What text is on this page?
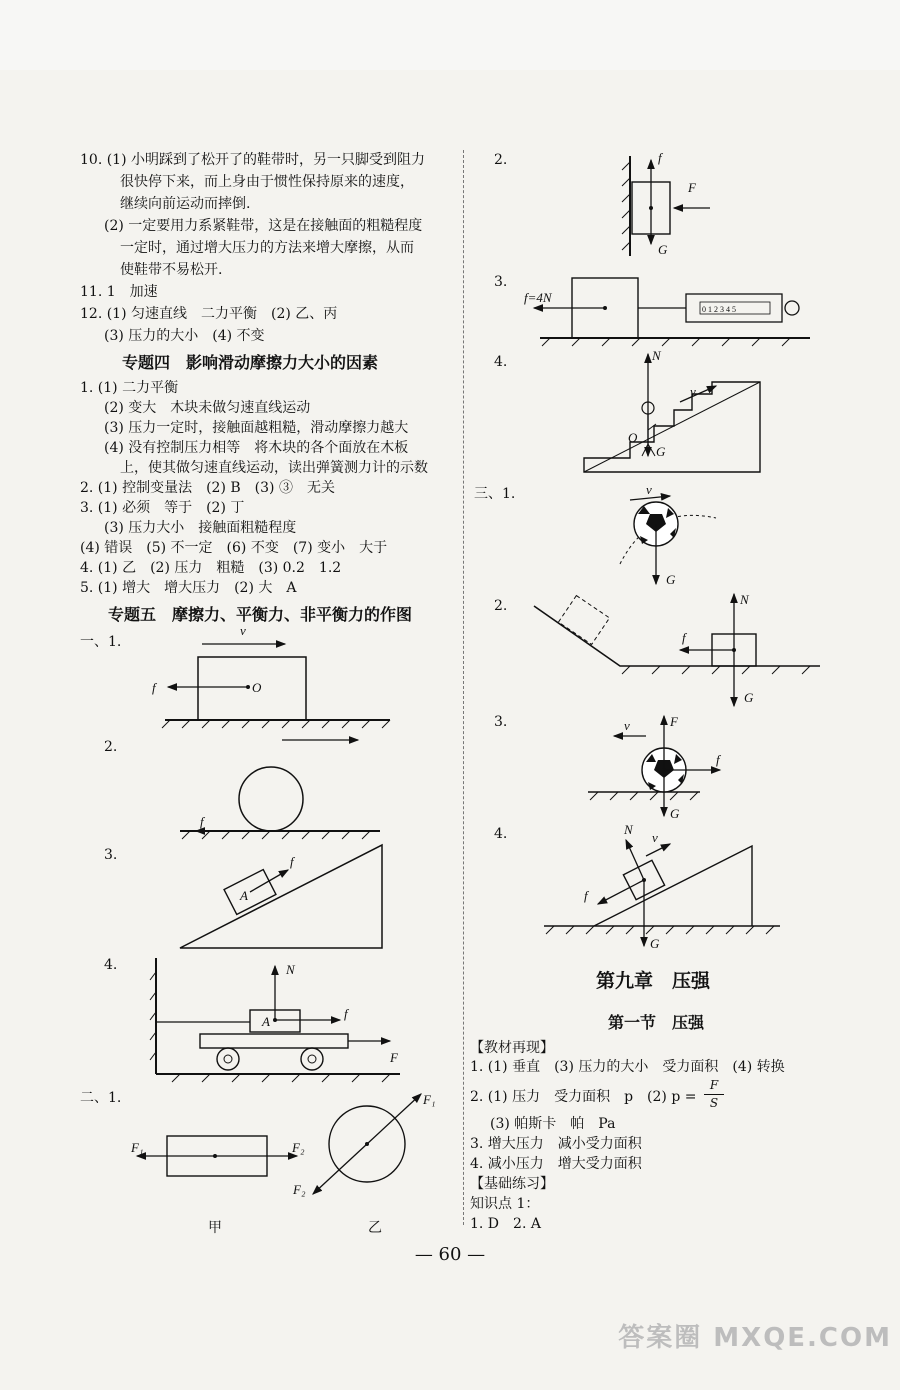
10. (1) 小明踩到了松开了的鞋带时，另一只脚受到阻力
很快停下来，而上身由于惯性保持原来的速度，
继续向前运动而摔倒.
(2) 一定要用力系紧鞋带，这是在接触面的粗糙程度
一定时，通过增大压力的方法来增大摩擦，从而
使鞋带不易松开.
11. 1　加速
12. (1) 匀速直线　二力平衡　(2) 乙、丙
(3) 压力的大小　(4) 不变
专题四　影响滑动摩擦力大小的因素
1. (1) 二力平衡
(2) 变大　木块未做匀速直线运动
(3) 压力一定时，接触面越粗糙，滑动摩擦力越大
(4) 没有控制压力相等　将木块的各个面放在木板
上，使其做匀速直线运动，读出弹簧测力计的示数
2. (1) 控制变量法　(2) B　(3) ③　无关
3. (1) 必须　等于　(2) 丁
(3) 压力大小　接触面粗糙程度
(4) 错误　(5) 不一定　(6) 不变　(7) 变小　大于
4. (1) 乙　(2) 压力　粗糙　(3) 0.2　1.2
5. (1) 增大　增大压力　(2) 大　A
专题五　摩擦力、平衡力、非平衡力的作图
一、1.
2.
3.
4.
二、1.
甲	乙
v
f	O
f
f
A
A
N
f
F
F₁	F₂
F₁
F₂
2.	f
F
G
3.
0 1 2 3 4 5
f=4N
4.	N
O
G
v
三、1.	v
G
2.	N
f
G
3.	F
v
f
G
4.	N
v
f
G
第九章　压强
第一节　压强
【教材再现】
1. (1) 垂直　(3) 压力的大小　受力面积　(4) 转换
2. (1) 压力　受力面积　p　(2) p =
F
S
(3) 帕斯卡　帕　Pa
3. 增大压力　减小受力面积
4. 减小压力　增大受力面积
【基础练习】
知识点 1：
1. D　2. A
— 60 —
答案圈 MXQE.COM
